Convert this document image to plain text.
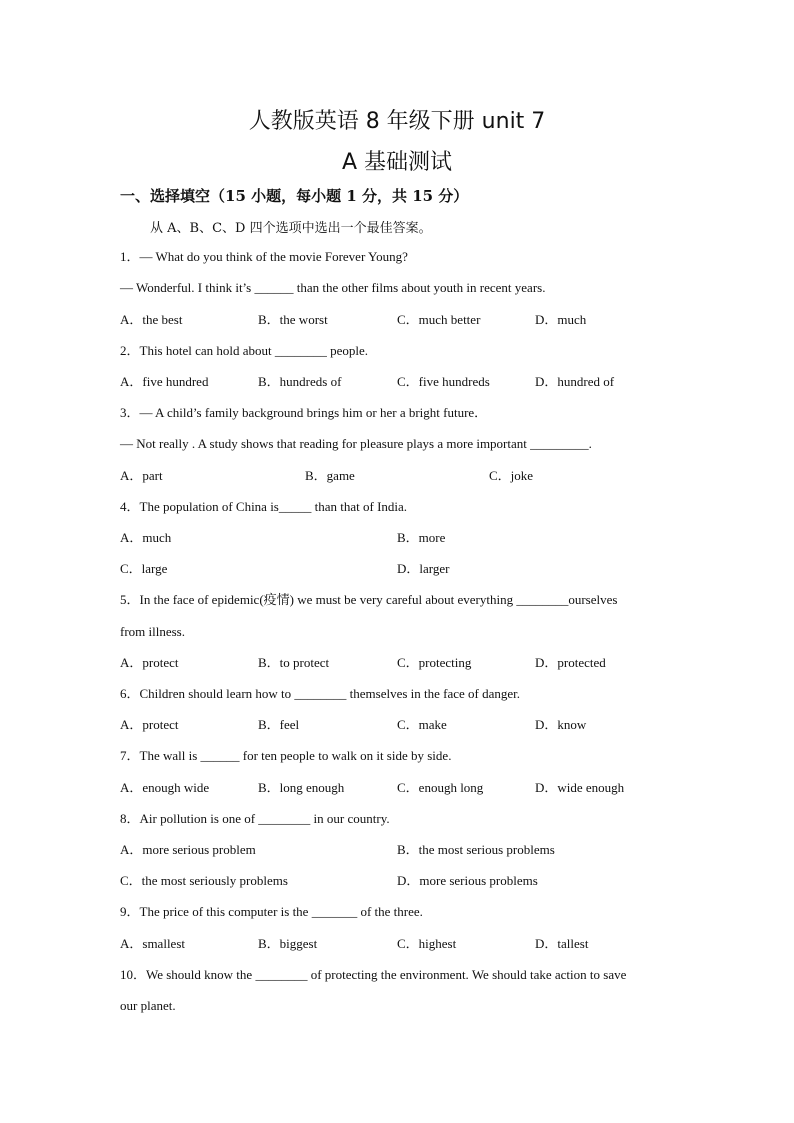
人教版英语 8 年级下册 unit 7
A 基础测试
一、选择填空（15 小题，每小题 1 分，共 15 分）
从 A、B、C、D 四个选项中选出一个最佳答案。
1．— What do you think of the movie Forever Young?
— Wonderful. I think it’s ______ than the other films about youth in recent years.
A．the best	B．the worst	C．much better	D．much
2．This hotel can hold about ________ people.
A．five hundred	B．hundreds of	C．five hundreds	D．hundred of
3．— A child’s family background brings him or her a bright future．
— Not really . A study shows that reading for pleasure plays a more important _________.
A．part	B．game	C．joke
4．The population of China is_____ than that of India.
A．much	B．more
C．large	D．larger
5．In the face of epidemic(疫情) we must be very careful about everything ________ourselves
from illness.
A．protect	B．to protect	C．protecting	D．protected
6．Children should learn how to ________ themselves in the face of danger.
A．protect	B．feel	C．make	D．know
7．The wall is ______ for ten people to walk on it side by side.
A．enough wide	B．long enough	C．enough long	D．wide enough
8．Air pollution is one of ________ in our country.
A．more serious problem	B．the most serious problems
C．the most seriously problems	D．more serious problems
9．The price of this computer is the _______ of the three.
A．smallest	B．biggest	C．highest	D．tallest
10．We should know the ________ of protecting the environment. We should take action to save
our planet.
